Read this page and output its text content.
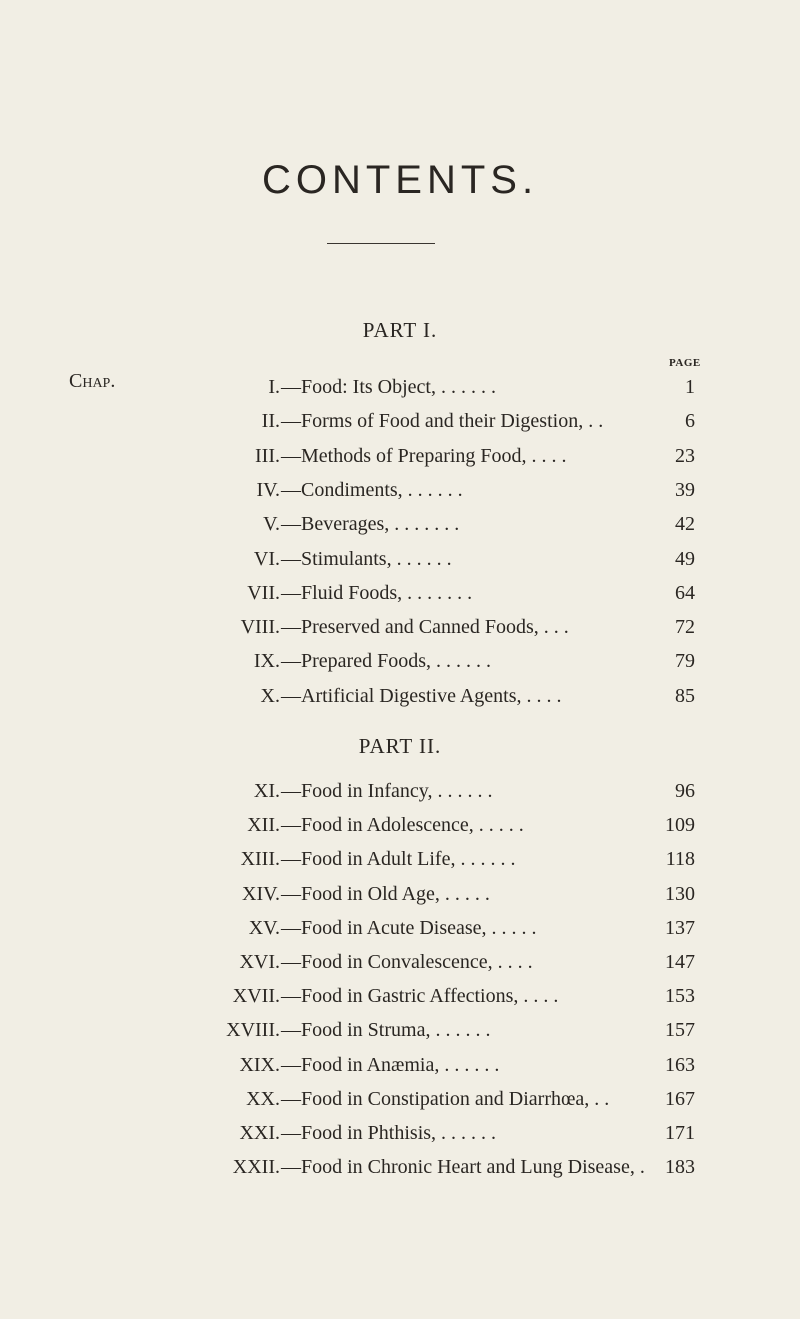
CONTENTS.
PART I.
PAGE
Chap.	I. —Food: Its Object, . . . . . .	1
II. —Forms of Food and their Digestion, . .	6
III. —Methods of Preparing Food, . . . .	23
IV. —Condiments, . . . . . .	39
V. —Beverages, . . . . . . .	42
VI. —Stimulants, . . . . . .	49
VII. —Fluid Foods, . . . . . . .	64
VIII. —Preserved and Canned Foods, . . .	72
IX. —Prepared Foods, . . . . . .	79
X. —Artificial Digestive Agents, . . . .	85
PART II.
XI. —Food in Infancy, . . . . . .	96
XII. —Food in Adolescence, . . . . .	109
XIII. —Food in Adult Life, . . . . . .	118
XIV. —Food in Old Age, . . . . .	130
XV. —Food in Acute Disease, . . . . .	137
XVI. —Food in Convalescence, . . . .	147
XVII. —Food in Gastric Affections, . . . .	153
XVIII. —Food in Struma, . . . . . .	157
XIX. —Food in Anæmia, . . . . . .	163
XX. —Food in Constipation and Diarrhœa, . .	167
XXI. —Food in Phthisis, . . . . . .	171
XXII. —Food in Chronic Heart and Lung Disease, . 183
